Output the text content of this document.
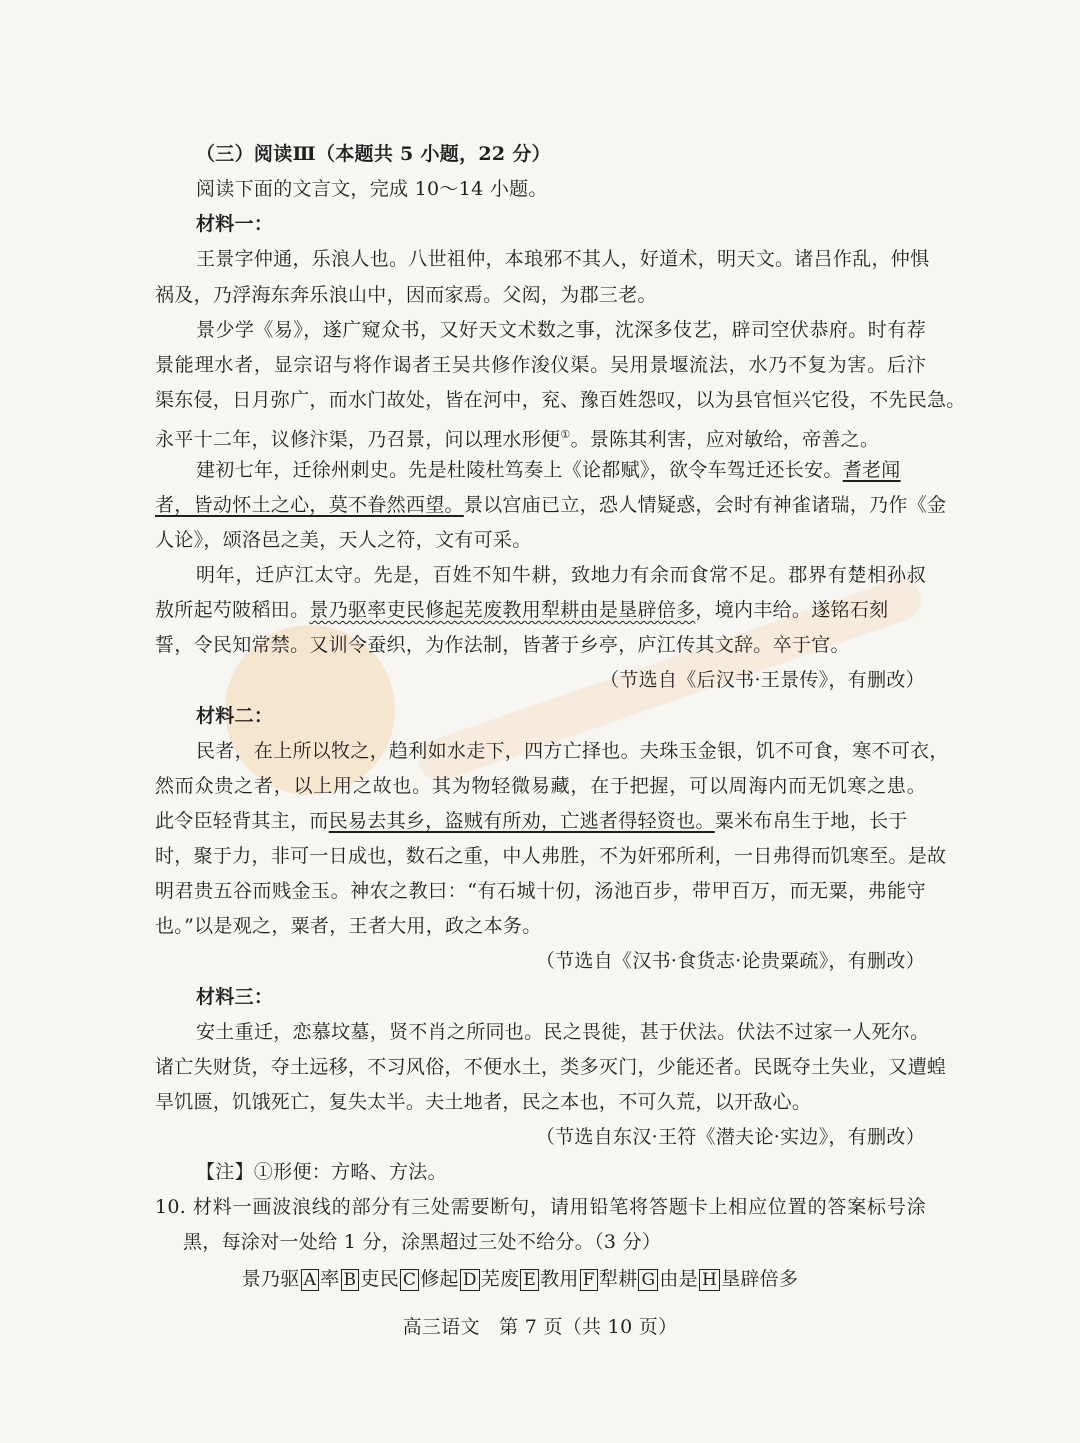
（三）阅读Ⅲ（本题共 5 小题，22 分）
阅读下面的文言文，完成 10～14 小题。
材料一：
王景字仲通，乐浪人也。八世祖仲，本琅邪不其人，好道术，明天文。诸吕作乱，仲惧
祸及，乃浮海东奔乐浪山中，因而家焉。父闳，为郡三老。
景少学《易》，遂广窥众书，又好天文术数之事，沈深多伎艺，辟司空伏恭府。时有荐
景能理水者，显宗诏与将作谒者王吴共修作浚仪渠。吴用景堰流法，水乃不复为害。后汴
渠东侵，日月弥广，而水门故处，皆在河中，兖、豫百姓怨叹，以为县官恒兴它役，不先民急。
永平十二年，议修汴渠，乃召景，问以理水形便①。景陈其利害，应对敏给，帝善之。
建初七年，迁徐州刺史。先是杜陵杜笃奏上《论都赋》，欲令车驾迁还长安。耆老闻
者，皆动怀土之心，莫不眷然西望。景以宫庙已立，恐人情疑惑，会时有神雀诸瑞，乃作《金
人论》，颂洛邑之美，天人之符，文有可采。
明年，迁庐江太守。先是，百姓不知牛耕，致地力有余而食常不足。郡界有楚相孙叔
敖所起芍陂稻田。景乃驱率吏民修起芜废教用犁耕由是垦辟倍多，境内丰给。遂铭石刻
誓，令民知常禁。又训令蚕织，为作法制，皆著于乡亭，庐江传其文辞。卒于官。
（节选自《后汉书·王景传》，有删改）
材料二：
民者，在上所以牧之，趋利如水走下，四方亡择也。夫珠玉金银，饥不可食，寒不可衣，
然而众贵之者，以上用之故也。其为物轻微易藏，在于把握，可以周海内而无饥寒之患。
此令臣轻背其主，而民易去其乡，盗贼有所劝，亡逃者得轻资也。粟米布帛生于地，长于
时，聚于力，非可一日成也，数石之重，中人弗胜，不为奸邪所利，一日弗得而饥寒至。是故
明君贵五谷而贱金玉。神农之教曰：“有石城十仞，汤池百步，带甲百万，而无粟，弗能守
也。”以是观之，粟者，王者大用，政之本务。
（节选自《汉书·食货志·论贵粟疏》，有删改）
材料三：
安土重迁，恋慕坟墓，贤不肖之所同也。民之畏徙，甚于伏法。伏法不过家一人死尔。
诸亡失财货，夺土远移，不习风俗，不便水土，类多灭门，少能还者。民既夺土失业，又遭蝗
旱饥匮，饥饿死亡，复失太半。夫土地者，民之本也，不可久荒，以开敌心。
（节选自东汉·王符《潜夫论·实边》，有删改）
【注】①形便：方略、方法。
10. 材料一画波浪线的部分有三处需要断句，请用铅笔将答题卡上相应位置的答案标号涂
黑，每涂对一处给 1 分，涂黑超过三处不给分。（3 分）
景乃驱 A 率 B 吏民 C 修起 D 芜废 E 教用 F 犁耕 G 由是 H 垦辟倍多
高三语文　第 7 页（共 10 页）
